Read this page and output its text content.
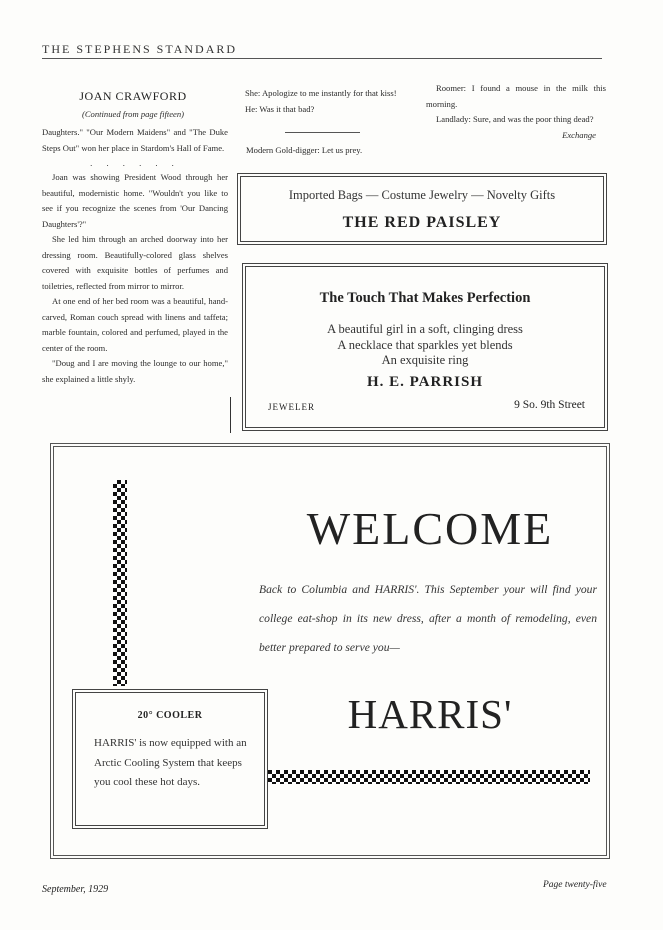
THE STEPHENS STANDARD
JOAN CRAWFORD
(Continued from page fifteen)

Daughters." "Our Modern Maidens" and "The Duke Steps Out" won her place in Stardom's Hall of Fame.

. . . . . .

Joan was showing President Wood through her beautiful, modernistic home. "Wouldn't you like to see if you recognize the scenes from 'Our Dancing Daughters'?"

She led him through an arched doorway into her dressing room. Beautifully-colored glass shelves covered with exquisite bottles of perfumes and toiletries, reflected from mirror to mirror.

At one end of her bed room was a beautiful, hand-carved, Roman couch spread with linens and taffeta; marble fountain, colored and perfumed, played in the center of the room.

"Doug and I are moving the lounge to our home," she explained a little shyly.

She: Apologize to me instantly for that kiss!

He: Was it that bad?

Modern Gold-digger: Let us prey.

Roomer: I found a mouse in the milk this morning.

Landlady: Sure, and was the poor thing dead?

Exchange

Imported Bags — Costume Jewelry — Novelty Gifts
THE RED PAISLEY
The Touch That Makes Perfection
A beautiful girl in a soft, clinging dress
A necklace that sparkles yet blends
An exquisite ring
H. E. PARRISH
JEWELER	9 So. 9th Street
WELCOME
Back to Columbia and HARRIS'. This September your will find your college eat-shop in its new dress, after a month of remodeling, even better prepared to serve you—
HARRIS'
20° COOLER
HARRIS' is now equipped with an Arctic Cooling System that keeps you cool these hot days.
September, 1929	Page twenty-five
